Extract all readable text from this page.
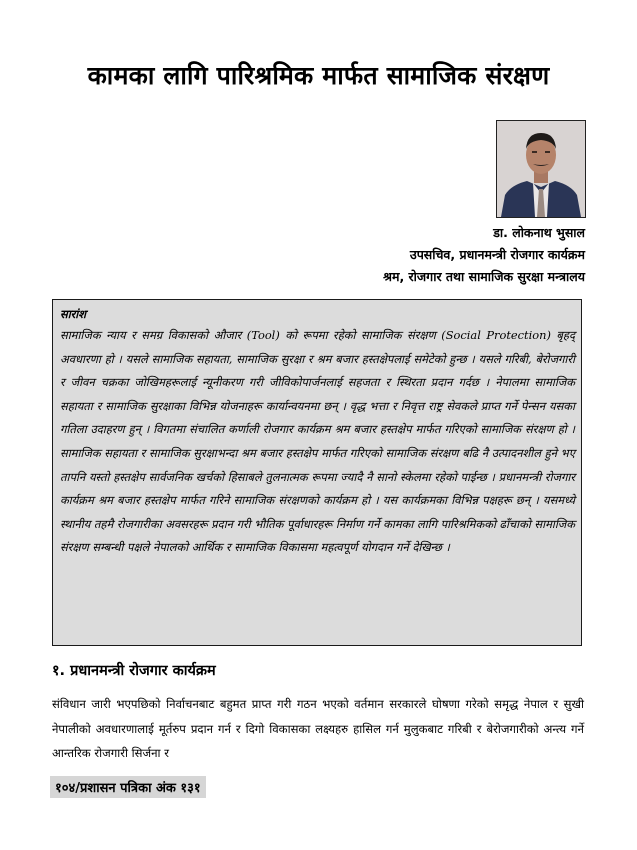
कामका लागि पारिश्रमिक मार्फत सामाजिक संरक्षण
डा. लोकनाथ भुसाल
उपसचिव, प्रधानमन्त्री रोजगार कार्यक्रम
श्रम, रोजगार तथा सामाजिक सुरक्षा मन्त्रालय
सारांश
सामाजिक न्याय र समग्र विकासको औजार (Tool) को रूपमा रहेको सामाजिक संरक्षण (Social Protection) बृहद् अवधारणा हो । यसले सामाजिक सहायता, सामाजिक सुरक्षा र श्रम बजार हस्तक्षेपलाई समेटेको हुन्छ । यसले गरिबी, बेरोजगारी र जीवन चक्रका जोखिमहरूलाई न्यूनीकरण गरी जीविकोपार्जनलाई सहजता र स्थिरता प्रदान गर्दछ । नेपालमा सामाजिक सहायता र सामाजिक सुरक्षाका विभिन्न योजनाहरू कार्यान्वयनमा छन् । वृद्ध भत्ता र निवृत्त राष्ट्र सेवकले प्राप्त गर्ने पेन्सन यसका गतिला उदाहरण हुन् । विगतमा संचालित कर्णाली रोजगार कार्यक्रम श्रम बजार हस्तक्षेप मार्फत गरिएको सामाजिक संरक्षण हो । सामाजिक सहायता र सामाजिक सुरक्षाभन्दा श्रम बजार हस्तक्षेप मार्फत गरिएको सामाजिक संरक्षण बढि नै उत्पादनशील हुने भए तापनि यस्तो हस्तक्षेप सार्वजनिक खर्चको हिसाबले तुलनात्मक रूपमा ज्यादै नै सानो स्केलमा रहेको पाईन्छ । प्रधानमन्त्री रोजगार कार्यक्रम श्रम बजार हस्तक्षेप मार्फत गरिने सामाजिक संरक्षणको कार्यक्रम हो । यस कार्यक्रमका विभिन्न पक्षहरू छन् । यसमध्ये स्थानीय तहमै रोजगारीका अवसरहरू प्रदान गरी भौतिक पूर्वाधारहरू निर्माण गर्ने कामका लागि पारिश्रमिकको ढाँचाको सामाजिक संरक्षण सम्बन्धी पक्षले नेपालको आर्थिक र सामाजिक विकासमा महत्वपूर्ण योगदान गर्ने देखिन्छ ।
१. प्रधानमन्त्री रोजगार कार्यक्रम
संविधान जारी भएपछिको निर्वाचनबाट बहुमत प्राप्त गरी गठन भएको वर्तमान सरकारले घोषणा गरेको समृद्ध नेपाल र सुखी नेपालीको अवधारणालाई मूर्तरुप प्रदान गर्न र दिगो विकासका लक्ष्यहरु हासिल गर्न मुलुकबाट गरिबी र बेरोजगारीको अन्त्य गर्ने आन्तरिक रोजगारी सिर्जना र
१०४/प्रशासन पत्रिका अंक १३१
